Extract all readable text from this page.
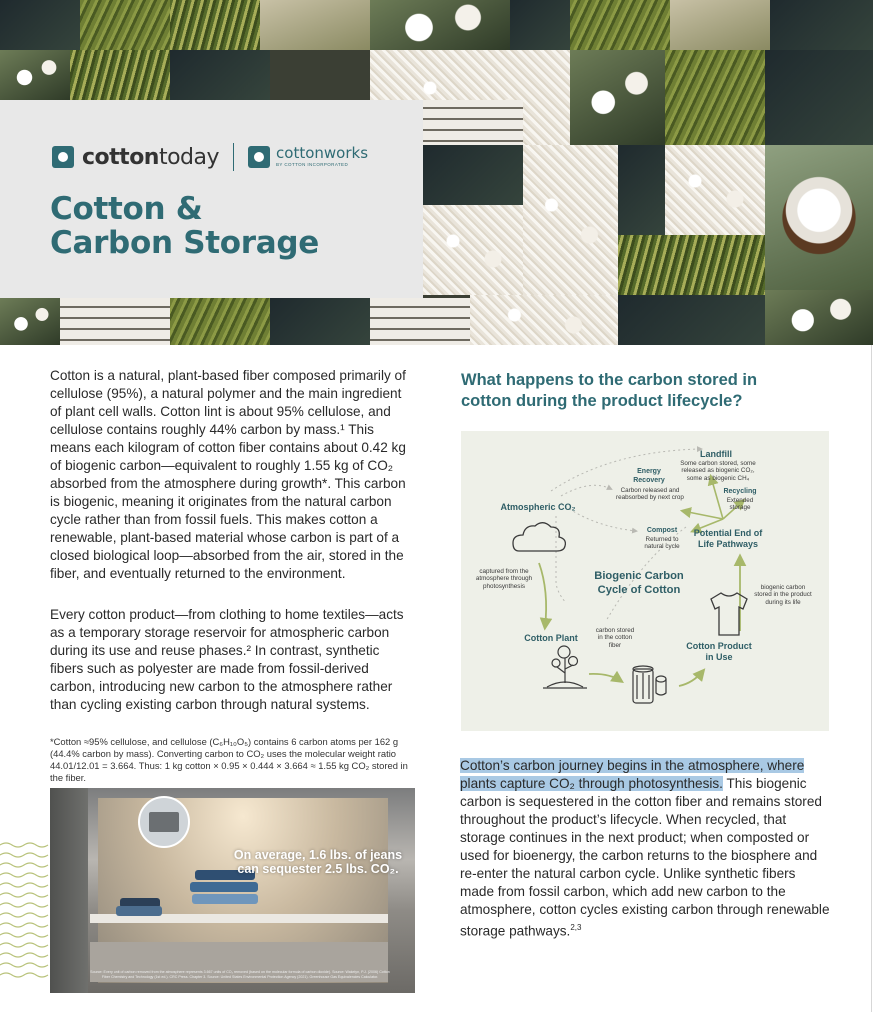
cottontoday	cottonworks
BY COTTON INCORPORATED
Cotton &
Carbon Storage

Cotton is a natural, plant-based fiber composed primarily of cellulose (95%), a natural polymer and the main ingredient of plant cell walls. Cotton lint is about 95% cellulose, and cellulose contains roughly 44% carbon by mass.¹ This means each kilogram of cotton fiber contains about 0.42 kg of biogenic carbon—equivalent to roughly 1.55 kg of CO₂ absorbed from the atmosphere during growth*. This carbon is biogenic, meaning it originates from the natural carbon cycle rather than from fossil fuels. This makes cotton a renewable, plant-based material whose carbon is part of a closed biological loop—absorbed from the air, stored in the fiber, and eventually returned to the environment.

Every cotton product—from clothing to home textiles—acts as a temporary storage reservoir for atmospheric carbon during its use and reuse phases.² In contrast, synthetic fibers such as polyester are made from fossil-derived carbon, introducing new carbon to the atmosphere rather than cycling existing carbon through natural systems.

*Cotton ≈95% cellulose, and cellulose (C₆H₁₀O₅) contains 6 carbon atoms per 162 g (44.4% carbon by mass). Converting carbon to CO₂ uses the molecular weight ratio 44.01/12.01 = 3.664. Thus: 1 kg cotton × 0.95 × 0.444 × 3.664 ≈ 1.55 kg CO₂ stored in the fiber.

On average, 1.6 lbs. of jeans can sequester 2.5 lbs. CO₂.
Source: Every unit of carbon removed from the atmosphere represents 3.667 units of CO₂ removed (based on the molecular formula of carbon dioxide). Source: Wakelyn, P.J. (2006) Cotton Fiber Chemistry and Technology (1st ed.). CRC Press. Chapter 3. Source: United States Environmental Protection Agency (2021). Greenhouse Gas Equivalencies Calculator.
What happens to the carbon stored in cotton during the product lifecycle?
Landfill
Some carbon stored, some released as biogenic CO₂, some as biogenic CH₄
Energy
Recovery
Carbon released and reabsorbed by next crop
Recycling
Extended storage
Atmospheric CO₂
Compost
Returned to natural cycle
Potential End of
Life Pathways
Biogenic Carbon
Cycle of Cotton
captured from the atmosphere through photosynthesis	biogenic carbon stored in the product during its life
Cotton Plant
carbon stored in the cotton fiber	Cotton Product
in Use

Cotton’s carbon journey begins in the atmosphere, where plants capture CO₂ through photosynthesis. This biogenic carbon is sequestered in the cotton fiber and remains stored throughout the product’s lifecycle. When recycled, that storage continues in the next product; when composted or used for bioenergy, the carbon returns to the biosphere and re-enter the natural carbon cycle. Unlike synthetic fibers made from fossil carbon, which add new carbon to the atmosphere, cotton cycles existing carbon through renewable storage pathways.$^{2,3}$
